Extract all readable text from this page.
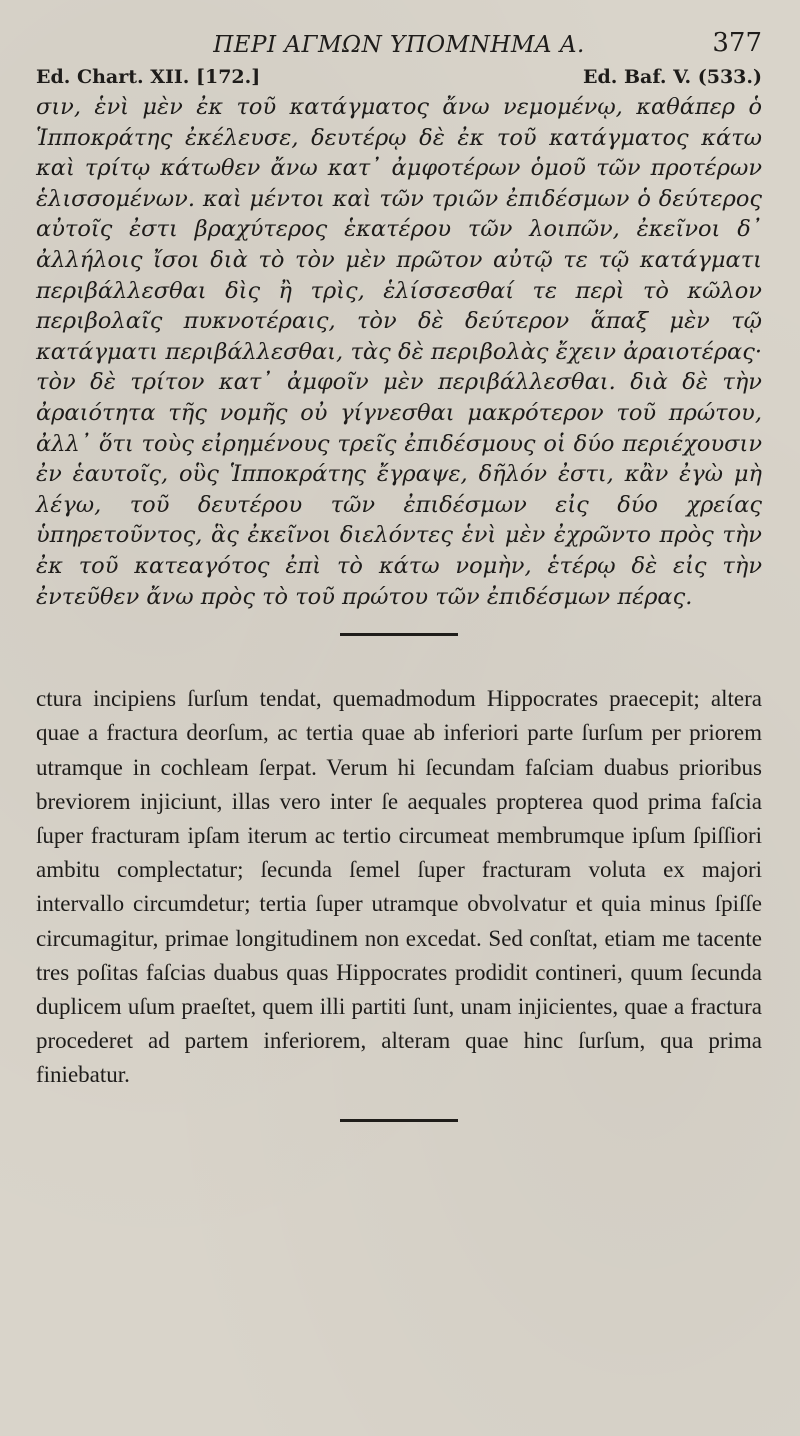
ΠΕΡΙ ΑΓΜΩΝ ΥΠΟΜΝΗΜΑ Α.	377
Ed. Chart. XII. [172.]	Ed. Baf. V. (533.)

σιν, ἑνὶ μὲν ἐκ τοῦ κατάγματος ἄνω νεμομένῳ, καθάπερ ὁ Ἱπποκράτης ἐκέλευσε, δευτέρῳ δὲ ἐκ τοῦ κατάγματος κάτω καὶ τρίτῳ κάτωθεν ἄνω κατ᾽ ἀμφοτέρων ὁμοῦ τῶν προτέρων ἑλισσομένων. καὶ μέντοι καὶ τῶν τριῶν ἐπιδέσμων ὁ δεύτερος αὐτοῖς ἐστι βραχύτερος ἑκατέρου τῶν λοιπῶν, ἐκεῖνοι δ᾽ ἀλλήλοις ἴσοι διὰ τὸ τὸν μὲν πρῶτον αὐτῷ τε τῷ κατάγματι περιβάλλεσθαι δὶς ἢ τρὶς, ἑλίσσεσθαί τε περὶ τὸ κῶλον περιβολαῖς πυκνοτέραις, τὸν δὲ δεύτερον ἅπαξ μὲν τῷ κατάγματι περιβάλλεσθαι, τὰς δὲ περιβολὰς ἔχειν ἀραιοτέρας· τὸν δὲ τρίτον κατ᾽ ἀμφοῖν μὲν περιβάλλεσθαι. διὰ δὲ τὴν ἀραιότητα τῆς νομῆς οὐ γίγνεσθαι μακρότερον τοῦ πρώτου, ἀλλ᾽ ὅτι τοὺς εἰρημένους τρεῖς ἐπιδέσμους οἱ δύο περιέχουσιν ἐν ἑαυτοῖς, οὓς Ἱπποκράτης ἔγραψε, δῆλόν ἐστι, κἂν ἐγὼ μὴ λέγω, τοῦ δευτέρου τῶν ἐπιδέσμων εἰς δύο χρείας ὑπηρετοῦντος, ἃς ἐκεῖνοι διελόντες ἑνὶ μὲν ἐχρῶντο πρὸς τὴν ἐκ τοῦ κατεαγότος ἐπὶ τὸ κάτω νομὴν, ἑτέρῳ δὲ εἰς τὴν ἐντεῦθεν ἄνω πρὸς τὸ τοῦ πρώτου τῶν ἐπιδέσμων πέρας.

ctura incipiens ſurſum tendat, quemadmodum Hippocrates praecepit; altera quae a fractura deorſum, ac tertia quae ab inferiori parte ſurſum per priorem utramque in cochleam ſerpat. Verum hi ſecundam faſciam duabus prioribus breviorem injiciunt, illas vero inter ſe aequales propterea quod prima faſcia ſuper fracturam ipſam iterum ac tertio circumeat membrumque ipſum ſpiſſiori ambitu complectatur; ſecunda ſemel ſuper fracturam voluta ex majori intervallo circumdetur; tertia ſuper utramque obvolvatur et quia minus ſpiſſe circumagitur, primae longitudinem non excedat. Sed conſtat, etiam me tacente tres poſitas faſcias duabus quas Hippocrates prodidit contineri, quum ſecunda duplicem uſum praeſtet, quem illi partiti ſunt, unam injicientes, quae a fractura procederet ad partem inferiorem, alteram quae hinc ſurſum, qua prima finiebatur.
